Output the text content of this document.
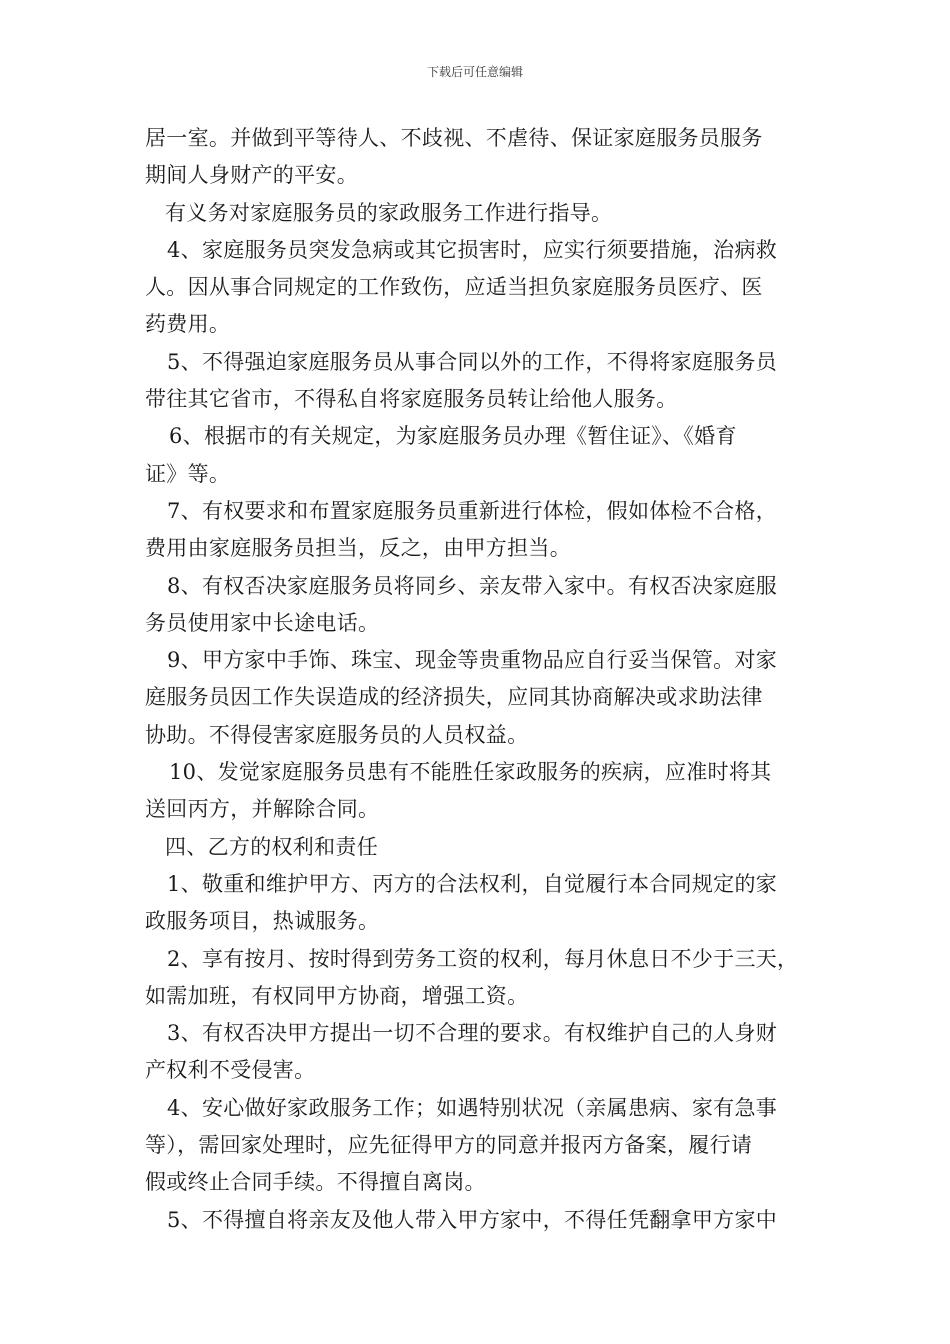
下载后可任意编辑
居一室。并做到平等待人、不歧视、不虐待、保证家庭服务员服务
期间人身财产的平安。
有义务对家庭服务员的家政服务工作进行指导。
4、家庭服务员突发急病或其它损害时，应实行须要措施，治病救
人。因从事合同规定的工作致伤，应适当担负家庭服务员医疗、医
药费用。
5、不得强迫家庭服务员从事合同以外的工作，不得将家庭服务员
带往其它省市，不得私自将家庭服务员转让给他人服务。
6、根据市的有关规定，为家庭服务员办理《暂住证》、《婚育
证》等。
7、有权要求和布置家庭服务员重新进行体检，假如体检不合格，
费用由家庭服务员担当，反之，由甲方担当。
8、有权否决家庭服务员将同乡、亲友带入家中。有权否决家庭服
务员使用家中长途电话。
9、甲方家中手饰、珠宝、现金等贵重物品应自行妥当保管。对家
庭服务员因工作失误造成的经济损失，应同其协商解决或求助法律
协助。不得侵害家庭服务员的人员权益。
10、发觉家庭服务员患有不能胜任家政服务的疾病，应准时将其
送回丙方，并解除合同。
四、乙方的权利和责任
1、敬重和维护甲方、丙方的合法权利，自觉履行本合同规定的家
政服务项目，热诚服务。
2、享有按月、按时得到劳务工资的权利，每月休息日不少于三天，
如需加班，有权同甲方协商，增强工资。
3、有权否决甲方提出一切不合理的要求。有权维护自己的人身财
产权利不受侵害。
4、安心做好家政服务工作；如遇特别状况（亲属患病、家有急事
等），需回家处理时，应先征得甲方的同意并报丙方备案，履行请
假或终止合同手续。不得擅自离岗。
5、不得擅自将亲友及他人带入甲方家中，不得任凭翻拿甲方家中
